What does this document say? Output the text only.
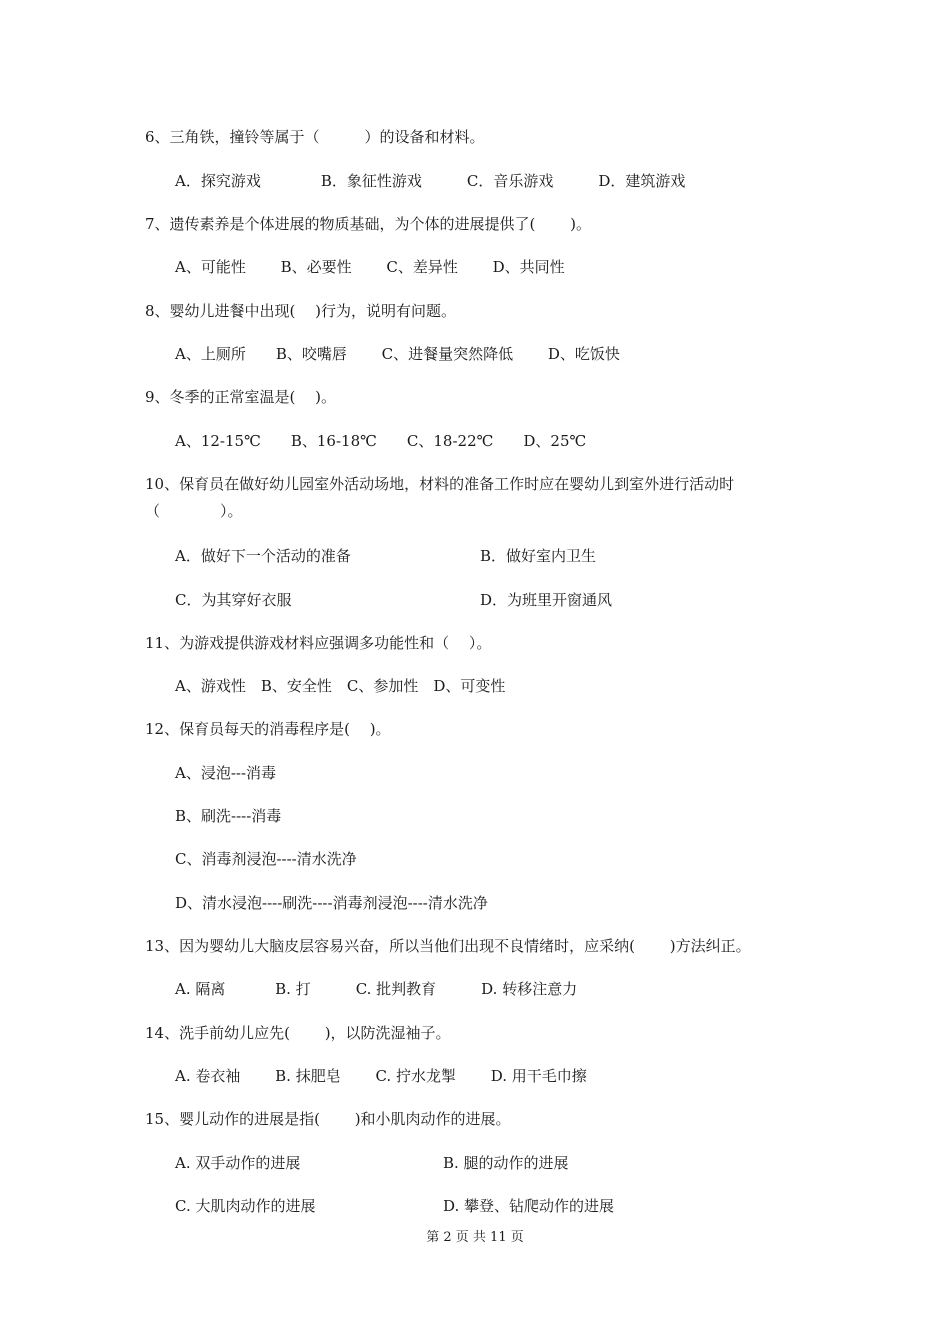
6、三角铁，撞铃等属于（　　　）的设备和材料。
A．探究游戏　　　　B．象征性游戏　　　C．音乐游戏　　　D．建筑游戏
7、遗传素养是个体进展的物质基础，为个体的进展提供了(　　 )。
A、可能性　　 B、必要性　　 C、差异性　　 D、共同性
8、婴幼儿进餐中出现(　 )行为，说明有问题。
A、上厕所　　B、咬嘴唇　　 C、进餐量突然降低　　 D、吃饭快
9、冬季的正常室温是(　 )。
A、12-15℃　　B、16-18℃　　C、18-22℃　　D、25℃
10、保育员在做好幼儿园室外活动场地，材料的准备工作时应在婴幼儿到室外进行活动时
（　　　　）。
A．做好下一个活动的准备	B．做好室内卫生
C．为其穿好衣服	D．为班里开窗通风
11、为游戏提供游戏材料应强调多功能性和（　 ）。
A、游戏性　B、安全性　C、参加性　D、可变性
12、保育员每天的消毒程序是(　 )。
A、浸泡---消毒
B、刷洗----消毒
C、消毒剂浸泡----清水洗净
D、清水浸泡----刷洗----消毒剂浸泡----清水洗净
13、因为婴幼儿大脑皮层容易兴奋，所以当他们出现不良情绪时，应采纳(　　 )方法纠正。
A. 隔离　　　 B. 打　　　C. 批判教育　　　D. 转移注意力
14、洗手前幼儿应先(　　 )，以防洗湿袖子。
A. 卷衣袖　　 B. 抹肥皂　　 C. 拧水龙掣　　 D. 用干毛巾擦
15、婴儿动作的进展是指(　　 )和小肌肉动作的进展。
A. 双手动作的进展	B. 腿的动作的进展
C. 大肌肉动作的进展	D. 攀登、钻爬动作的进展
第 2 页 共 11 页
